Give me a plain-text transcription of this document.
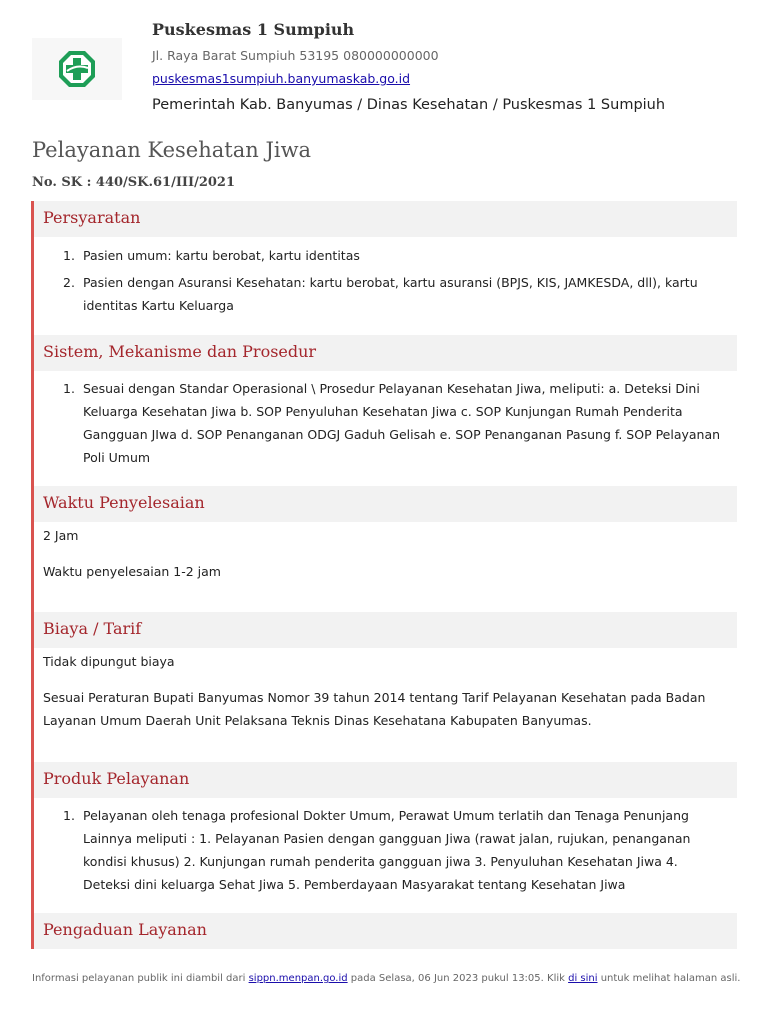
Puskesmas 1 Sumpiuh
Jl. Raya Barat Sumpiuh 53195 080000000000
puskesmas1sumpiuh.banyumaskab.go.id
Pemerintah Kab. Banyumas / Dinas Kesehatan / Puskesmas 1 Sumpiuh
Pelayanan Kesehatan Jiwa
No. SK : 440/SK.61/III/2021
Persyaratan
1. Pasien umum: kartu berobat, kartu identitas
2. Pasien dengan Asuransi Kesehatan: kartu berobat, kartu asuransi (BPJS, KIS, JAMKESDA, dll), kartu identitas Kartu Keluarga
Sistem, Mekanisme dan Prosedur
1. Sesuai dengan Standar Operasional \ Prosedur Pelayanan Kesehatan Jiwa, meliputi: a. Deteksi Dini Keluarga Kesehatan Jiwa b. SOP Penyuluhan Kesehatan Jiwa c. SOP Kunjungan Rumah Penderita Gangguan JIwa d. SOP Penanganan ODGJ Gaduh Gelisah e. SOP Penanganan Pasung f. SOP Pelayanan Poli Umum
Waktu Penyelesaian

2 Jam

Waktu penyelesaian 1-2 jam

Biaya / Tarif

Tidak dipungut biaya

Sesuai Peraturan Bupati Banyumas Nomor 39 tahun 2014 tentang Tarif Pelayanan Kesehatan pada Badan Layanan Umum Daerah Unit Pelaksana Teknis Dinas Kesehatana Kabupaten Banyumas.

Produk Pelayanan
1. Pelayanan oleh tenaga profesional Dokter Umum, Perawat Umum terlatih dan Tenaga Penunjang Lainnya meliputi : 1. Pelayanan Pasien dengan gangguan Jiwa (rawat jalan, rujukan, penanganan kondisi khusus) 2. Kunjungan rumah penderita gangguan jiwa 3. Penyuluhan Kesehatan Jiwa 4. Deteksi dini keluarga Sehat Jiwa 5. Pemberdayaan Masyarakat tentang Kesehatan Jiwa
Pengaduan Layanan
Informasi pelayanan publik ini diambil dari sippn.menpan.go.id pada Selasa, 06 Jun 2023 pukul 13:05. Klik di sini untuk melihat halaman asli.
